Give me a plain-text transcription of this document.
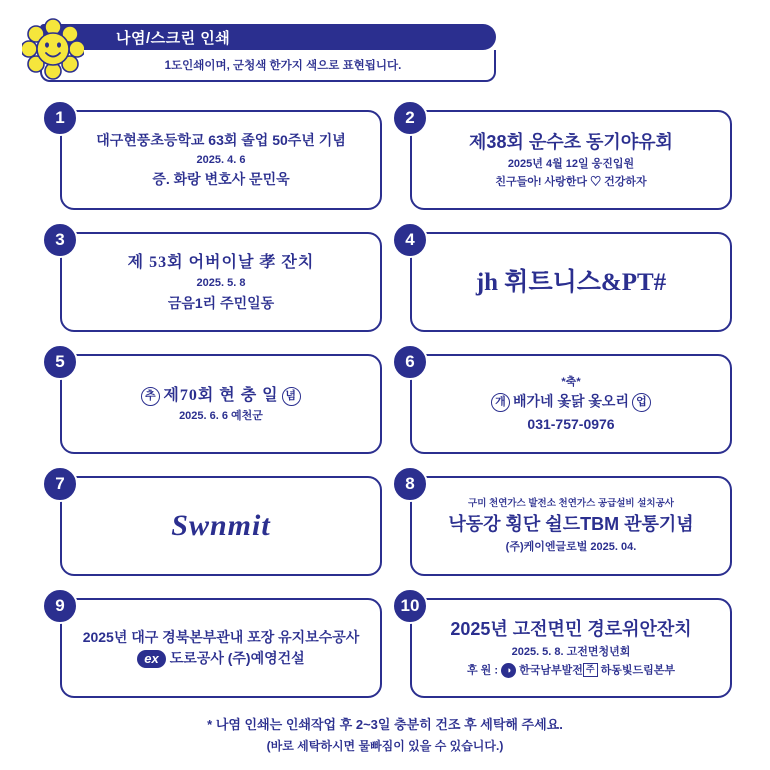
나염/스크린 인쇄
1도인쇄이며, 군청색 한가지 색으로 표현됩니다.
대구현풍초등학교 63회 졸업 50주년 기념
2025. 4. 6
증. 화랑 변호사 문민욱
1
제38회 운수초 동기야유회
2025년 4월 12일 웅진입원
친구들아! 사랑한다 ♡ 건강하자
2
제 53회 어버이날 孝 잔치
2025. 5. 8
금음1리 주민일동
3
jh 휘트니스&PT#
4
추 제70회 현 충 일 념
2025. 6. 6 예천군
5
*축*
개 배가네 옻닭 옻오리 업
031-757-0976
6
Swnmit
7
구미 천연가스 발전소 천연가스 공급설비 설치공사
낙동강 횡단 쉴드TBM 관통기념
(주)케이엔글로벌 2025. 04.
8
2025년 대구 경북본부관내 포장 유지보수공사
ex 도로공사 (주)예영건설
9
2025년 고전면민 경로위안잔치
2025. 5. 8. 고전면청년회
후 원 : ◑ 한국남부발전 주 하동빛드림본부
10
* 나염 인쇄는 인쇄작업 후 2~3일 충분히 건조 후 세탁해 주세요.
(바로 세탁하시면 물빠짐이 있을 수 있습니다.)
